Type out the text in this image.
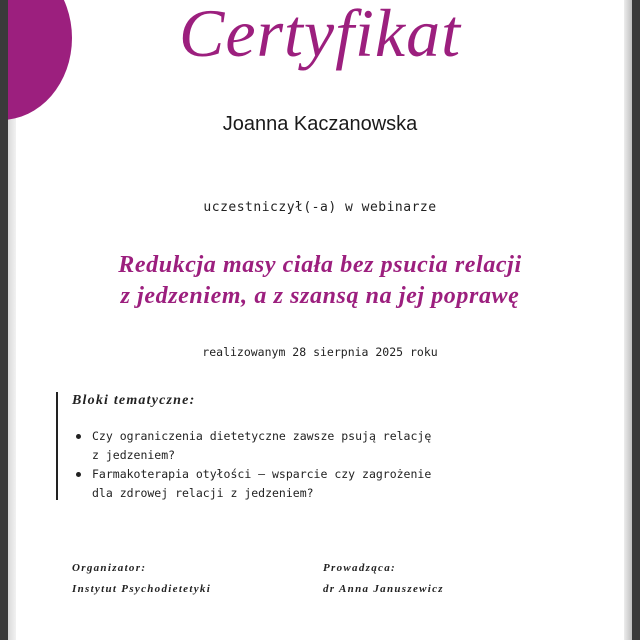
Certyfikat
Joanna Kaczanowska
uczestniczył(-a) w webinarze
Redukcja masy ciała bez psucia relacji
z jedzeniem, a z szansą na jej poprawę
realizowanym 28 sierpnia 2025 roku
Bloki tematyczne:
Czy ograniczenia dietetyczne zawsze psują relację
z jedzeniem?
Farmakoterapia otyłości – wsparcie czy zagrożenie
dla zdrowej relacji z jedzeniem?
Organizator:
Instytut Psychodietetyki
Prowadząca:
dr Anna Januszewicz
